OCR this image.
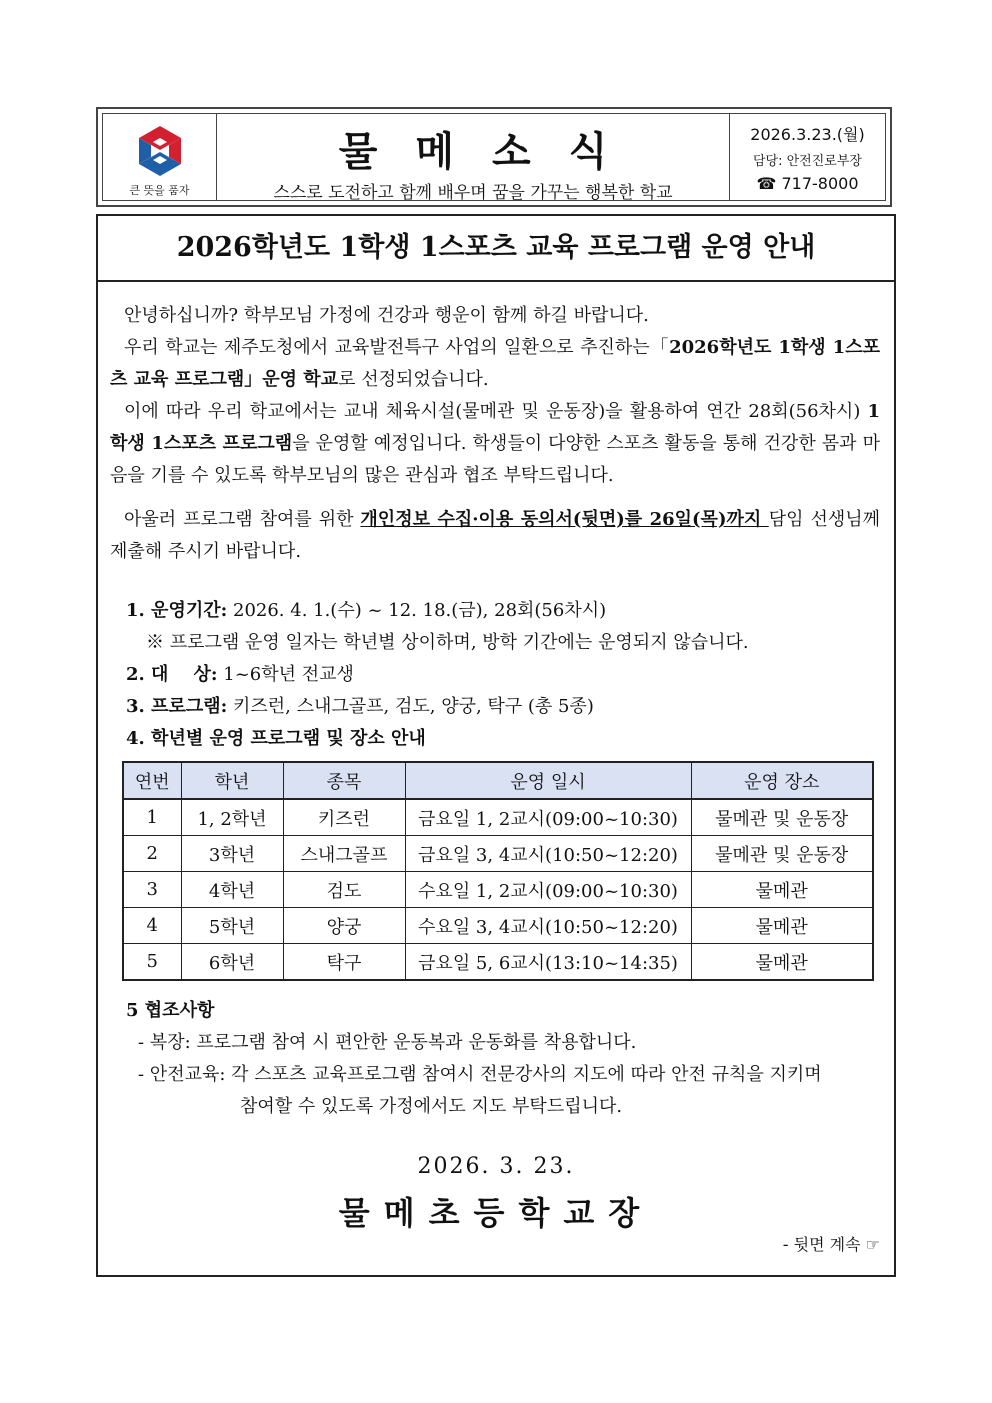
큰 뜻을 품자
물메소식
스스로 도전하고 함께 배우며 꿈을 가꾸는 행복한 학교
2026.3.23.(월)
담당: 안전진로부장
☎ 717-8000
2026학년도 1학생 1스포츠 교육 프로그램 운영 안내

안녕하십니까? 학부모님 가정에 건강과 행운이 함께 하길 바랍니다.

우리 학교는 제주도청에서 교육발전특구 사업의 일환으로 추진하는「2026학년도 1학생 1스포츠 교육 프로그램」운영 학교로 선정되었습니다.

이에 따라 우리 학교에서는 교내 체육시설(물메관 및 운동장)을 활용하여 연간 28회(56차시) 1학생 1스포츠 프로그램을 운영할 예정입니다. 학생들이 다양한 스포츠 활동을 통해 건강한 몸과 마음을 기를 수 있도록 학부모님의 많은 관심과 협조 부탁드립니다.

아울러 프로그램 참여를 위한 개인정보 수집·이용 동의서(뒷면)를 26일(목)까지 담임 선생님께 제출해 주시기 바랍니다.

1. 운영기간: 2026. 4. 1.(수) ~ 12. 18.(금), 28회(56차시)
※ 프로그램 운영 일자는 학년별 상이하며, 방학 기간에는 운영되지 않습니다.
2. 대    상: 1~6학년 전교생
3. 프로그램: 키즈런, 스내그골프, 검도, 양궁, 탁구 (총 5종)
4. 학년별 운영 프로그램 및 장소 안내
연번	학년	종목	운영 일시	운영 장소
1	1, 2학년	키즈런	금요일 1, 2교시(09:00~10:30)	물메관 및 운동장
2	3학년	스내그골프	금요일 3, 4교시(10:50~12:20)	물메관 및 운동장
3	4학년	검도	수요일 1, 2교시(09:00~10:30)	물메관
4	5학년	양궁	수요일 3, 4교시(10:50~12:20)	물메관
5	6학년	탁구	금요일 5, 6교시(13:10~14:35)	물메관
5 협조사항
- 복장: 프로그램 참여 시 편안한 운동복과 운동화를 착용합니다.
- 안전교육: 각 스포츠 교육프로그램 참여시 전문강사의 지도에 따라 안전 규칙을 지키며
참여할 수 있도록 가정에서도 지도 부탁드립니다.
2026. 3. 23.
물메초등학교장
- 뒷면 계속 ☞
